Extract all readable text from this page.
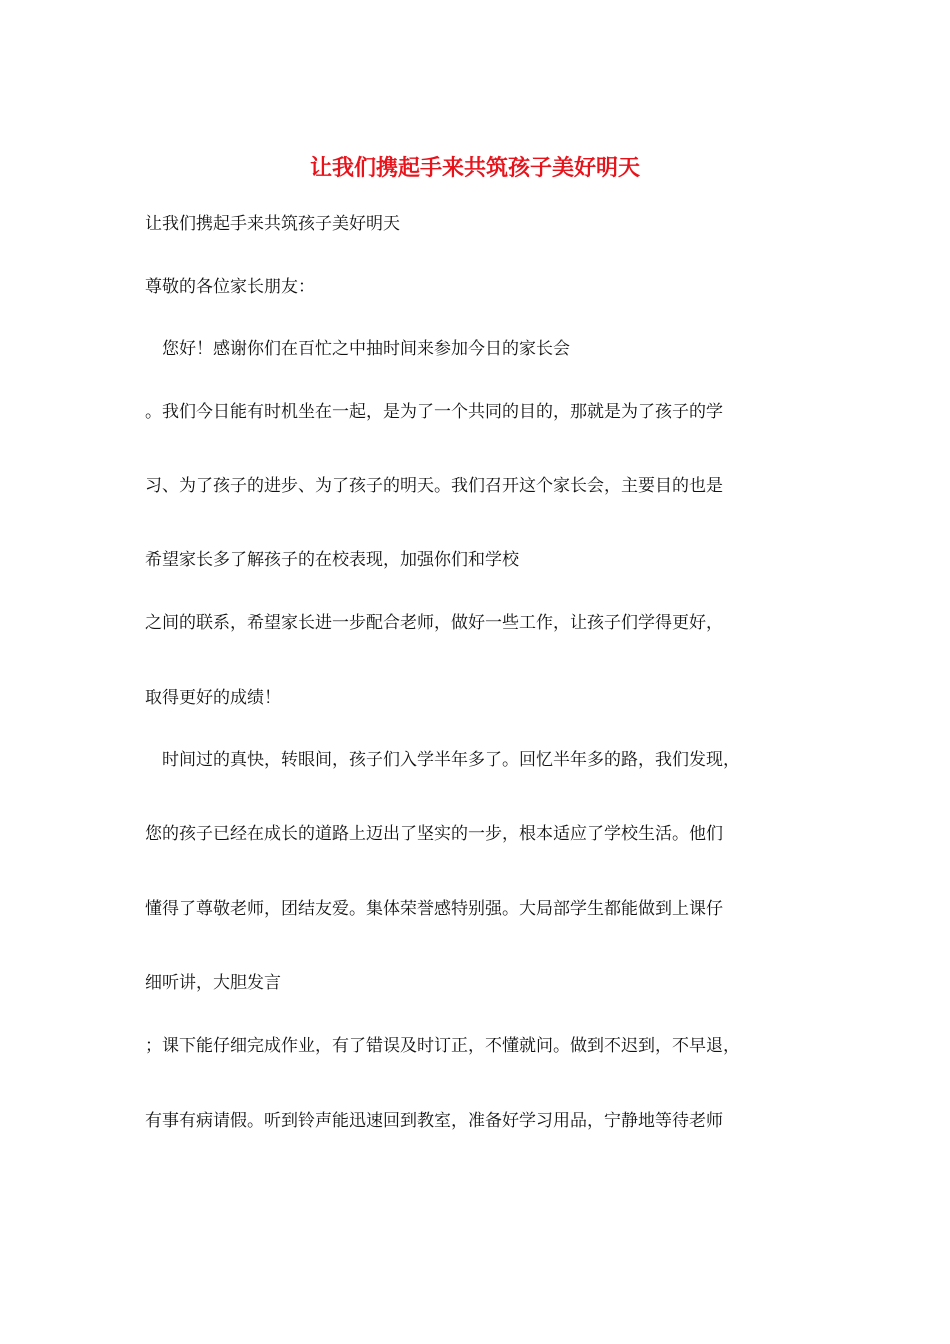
让我们携起手来共筑孩子美好明天
让我们携起手来共筑孩子美好明天
尊敬的各位家长朋友：
　您好！感谢你们在百忙之中抽时间来参加今日的家长会
。我们今日能有时机坐在一起，是为了一个共同的目的，那就是为了孩子的学
习、为了孩子的进步、为了孩子的明天。我们召开这个家长会，主要目的也是
希望家长多了解孩子的在校表现，加强你们和学校
之间的联系，希望家长进一步配合老师，做好一些工作，让孩子们学得更好，
取得更好的成绩！
　时间过的真快，转眼间，孩子们入学半年多了。回忆半年多的路，我们发现，
您的孩子已经在成长的道路上迈出了坚实的一步，根本适应了学校生活。他们
懂得了尊敬老师，团结友爱。集体荣誉感特别强。大局部学生都能做到上课仔
细听讲，大胆发言
；课下能仔细完成作业，有了错误及时订正，不懂就问。做到不迟到，不早退，
有事有病请假。听到铃声能迅速回到教室，准备好学习用品，宁静地等待老师
